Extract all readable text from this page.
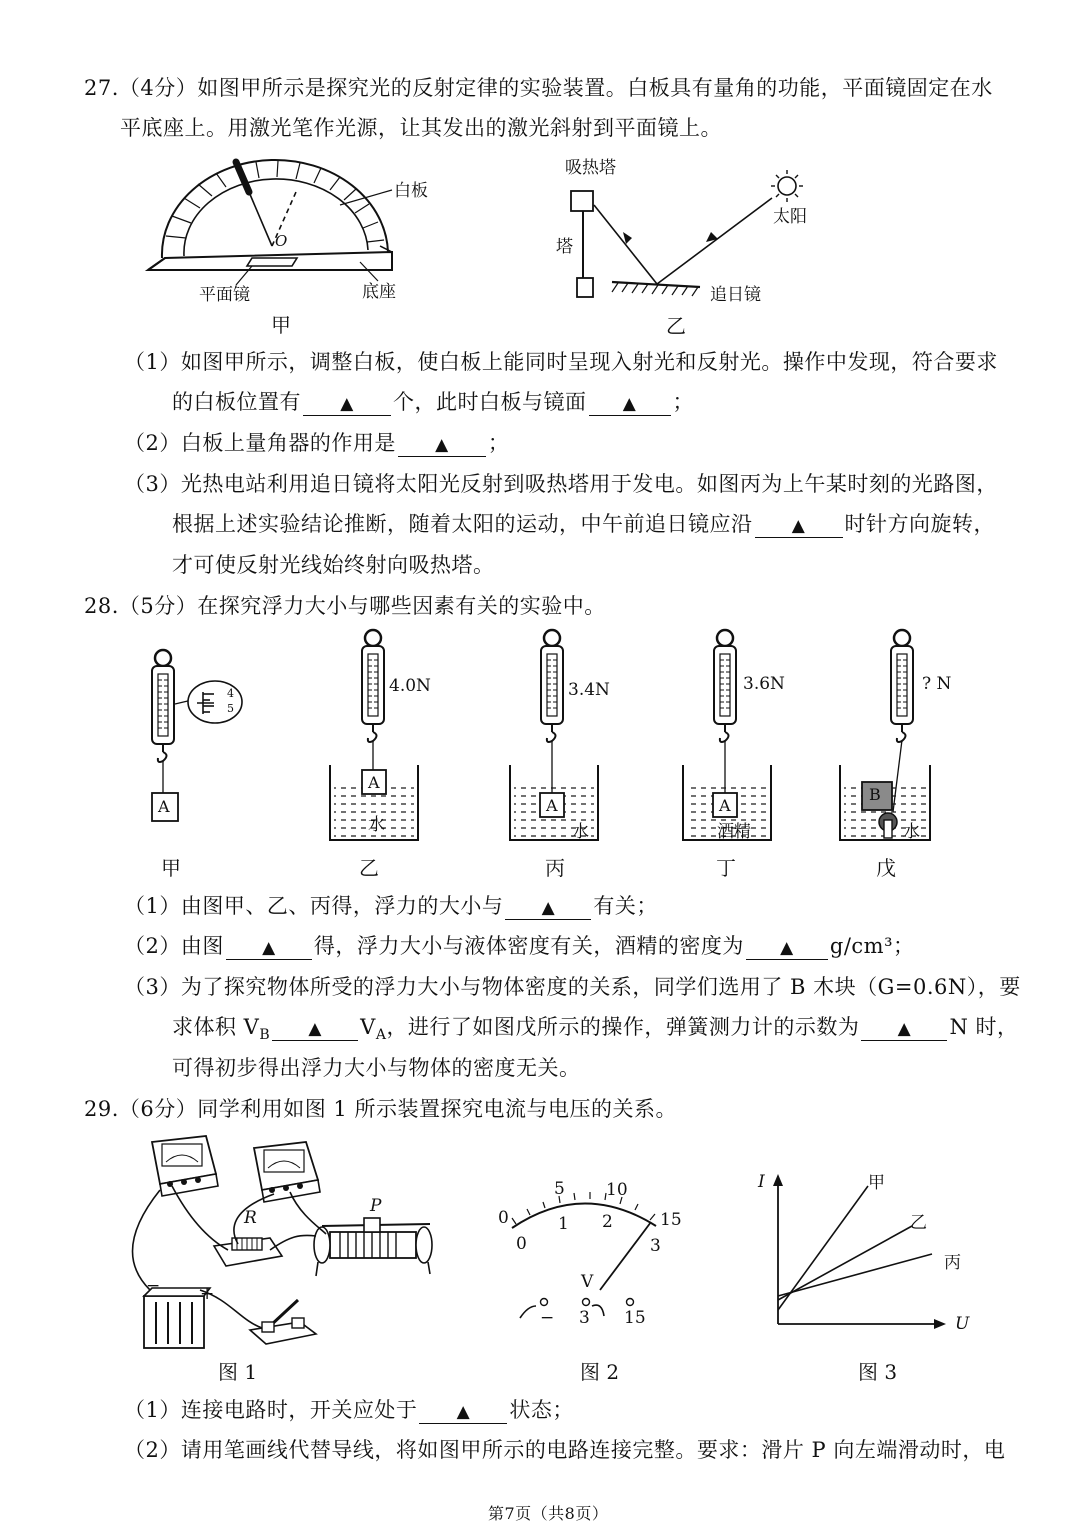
27.（4分）如图甲所示是探究光的反射定律的实验装置。白板具有量角的功能，平面镜固定在水
平底座上。用激光笔作光源，让其发出的激光斜射到平面镜上。
白板
O
平面镜	底座
甲
吸热塔
塔
太阳
追日镜
乙
（1）如图甲所示，调整白板，使白板上能同时呈现入射光和反射光。操作中发现，符合要求
的白板位置有 ▲ 个，此时白板与镜面 ▲ ；
（2）白板上量角器的作用是 ▲ ；
（3）光热电站利用追日镜将太阳光反射到吸热塔用于发电。如图丙为上午某时刻的光路图，
根据上述实验结论推断，随着太阳的运动，中午前追日镜应沿 ▲ 时针方向旋转，
才可使反射光线始终射向吸热塔。
28.（5分）在探究浮力大小与哪些因素有关的实验中。
4
5
A
A
A	A
B
4.0N	3.4N	3.6N	? N
水	水	酒精	水
甲	乙	丙	丁	戊
（1）由图甲、乙、丙得，浮力的大小与 ▲ 有关；
（2）由图 ▲ 得，浮力大小与液体密度有关，酒精的密度为 ▲ g/cm³；
（3）为了探究物体所受的浮力大小与物体密度的关系，同学们选用了 B 木块（G=0.6N），要
求体积 $V_B$ ▲ $V_A$，进行了如图戊所示的操作，弹簧测力计的示数为 ▲ N 时，
可得初步得出浮力大小与物体的密度无关。
29.（6分）同学利用如图 1 所示装置探究电流与电压的关系。
R
P
− +
图 1
0
5 10
15
0
1 2
3
V
− 3 15
图 2
I
U
甲
乙
丙
图 3
（1）连接电路时，开关应处于 ▲ 状态；
（2）请用笔画线代替导线，将如图甲所示的电路连接完整。要求：滑片 P 向左端滑动时，电
第7页（共8页）
